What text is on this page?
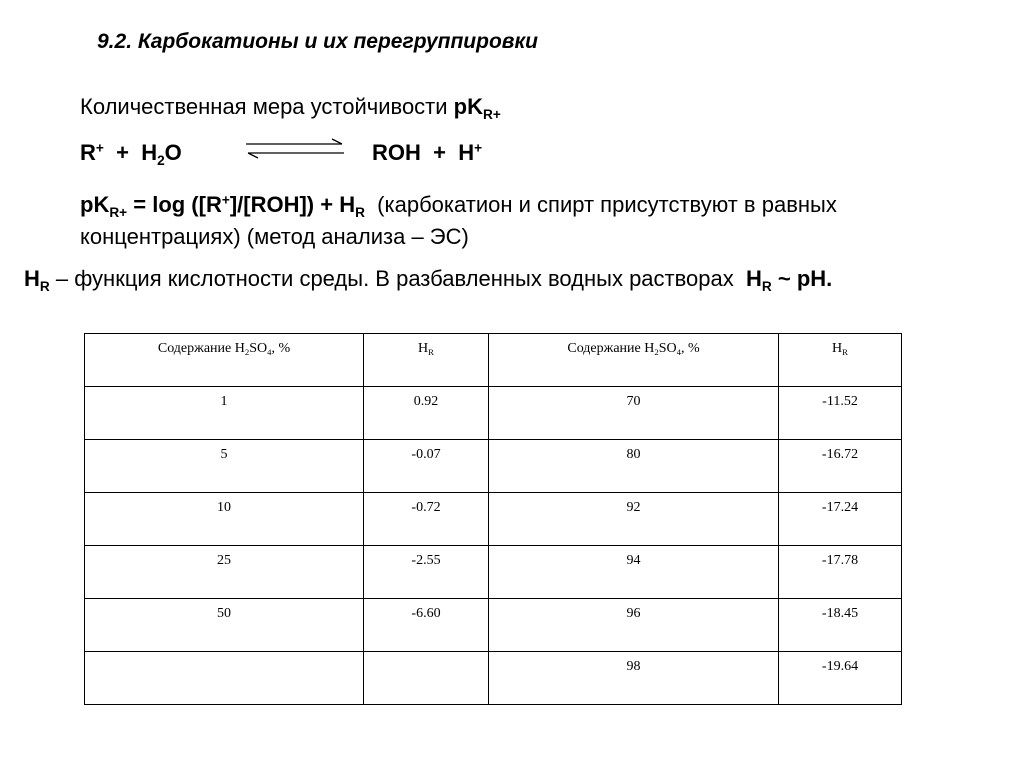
9.2. Карбокатионы и их перегруппировки
Количественная мера устойчивости $pK_{R+}$
$R^+ + H_2O$	ROH + H+
$pK_{R+} = \log ([R^+]/[ROH]) + H_R$ (карбокатион и спирт присутствуют в равных
концентрациях) (метод анализа – ЭС)
$H_R$ – функция кислотности среды. В разбавленных водных растворах $H_R$ ~ pH.
Содержание $H_2SO_4$, %	$H_R$	Содержание $H_2SO_4$, %	$H_R$
1	0.92	70	-11.52
5	-0.07	80	-16.72
10	-0.72	92	-17.24
25	-2.55	94	-17.78
50	-6.60	96	-18.45
		98	-19.64
